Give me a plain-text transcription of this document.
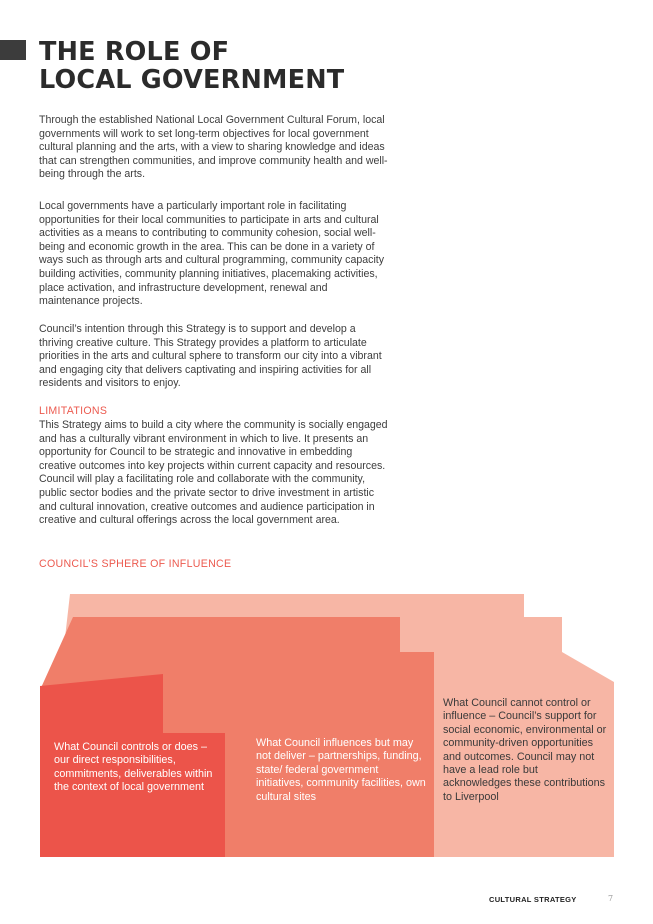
THE ROLE OF
LOCAL GOVERNMENT

Through the established National Local Government Cultural Forum, local governments will work to set long-term objectives for local government cultural planning and the arts, with a view to sharing knowledge and ideas that can strengthen communities, and improve community health and well-being through the arts.

Local governments have a particularly important role in facilitating opportunities for their local communities to participate in arts and cultural activities as a means to contributing to community cohesion, social well-being and economic growth in the area. This can be done in a variety of ways such as through arts and cultural programming, community capacity building activities, community planning initiatives, placemaking activities, place activation, and infrastructure development, renewal and maintenance projects.

Council’s intention through this Strategy is to support and develop a thriving creative culture. This Strategy provides a platform to articulate priorities in the arts and cultural sphere to transform our city into a vibrant and engaging city that delivers captivating and inspiring activities for all residents and visitors to enjoy.

LIMITATIONS

This Strategy aims to build a city where the community is socially engaged and has a culturally vibrant environment in which to live. It presents an opportunity for Council to be strategic and innovative in embedding creative outcomes into key projects within current capacity and resources. Council will play a facilitating role and collaborate with the community, public sector bodies and the private sector to drive investment in artistic and cultural innovation, creative outcomes and audience participation in creative and cultural offerings across the local government area.

COUNCIL’S SPHERE OF INFLUENCE

What Council controls or does – our direct responsibilities, commitments, deliverables within the context of local government

What Council influences but may not deliver – partnerships, funding, state/ federal government initiatives, community facilities, own cultural sites

What Council cannot control or influence – Council’s support for social economic, environmental or community-driven opportunities and outcomes. Council may not have a lead role but acknowledges these contributions to Liverpool

CULTURAL STRATEGY	7
